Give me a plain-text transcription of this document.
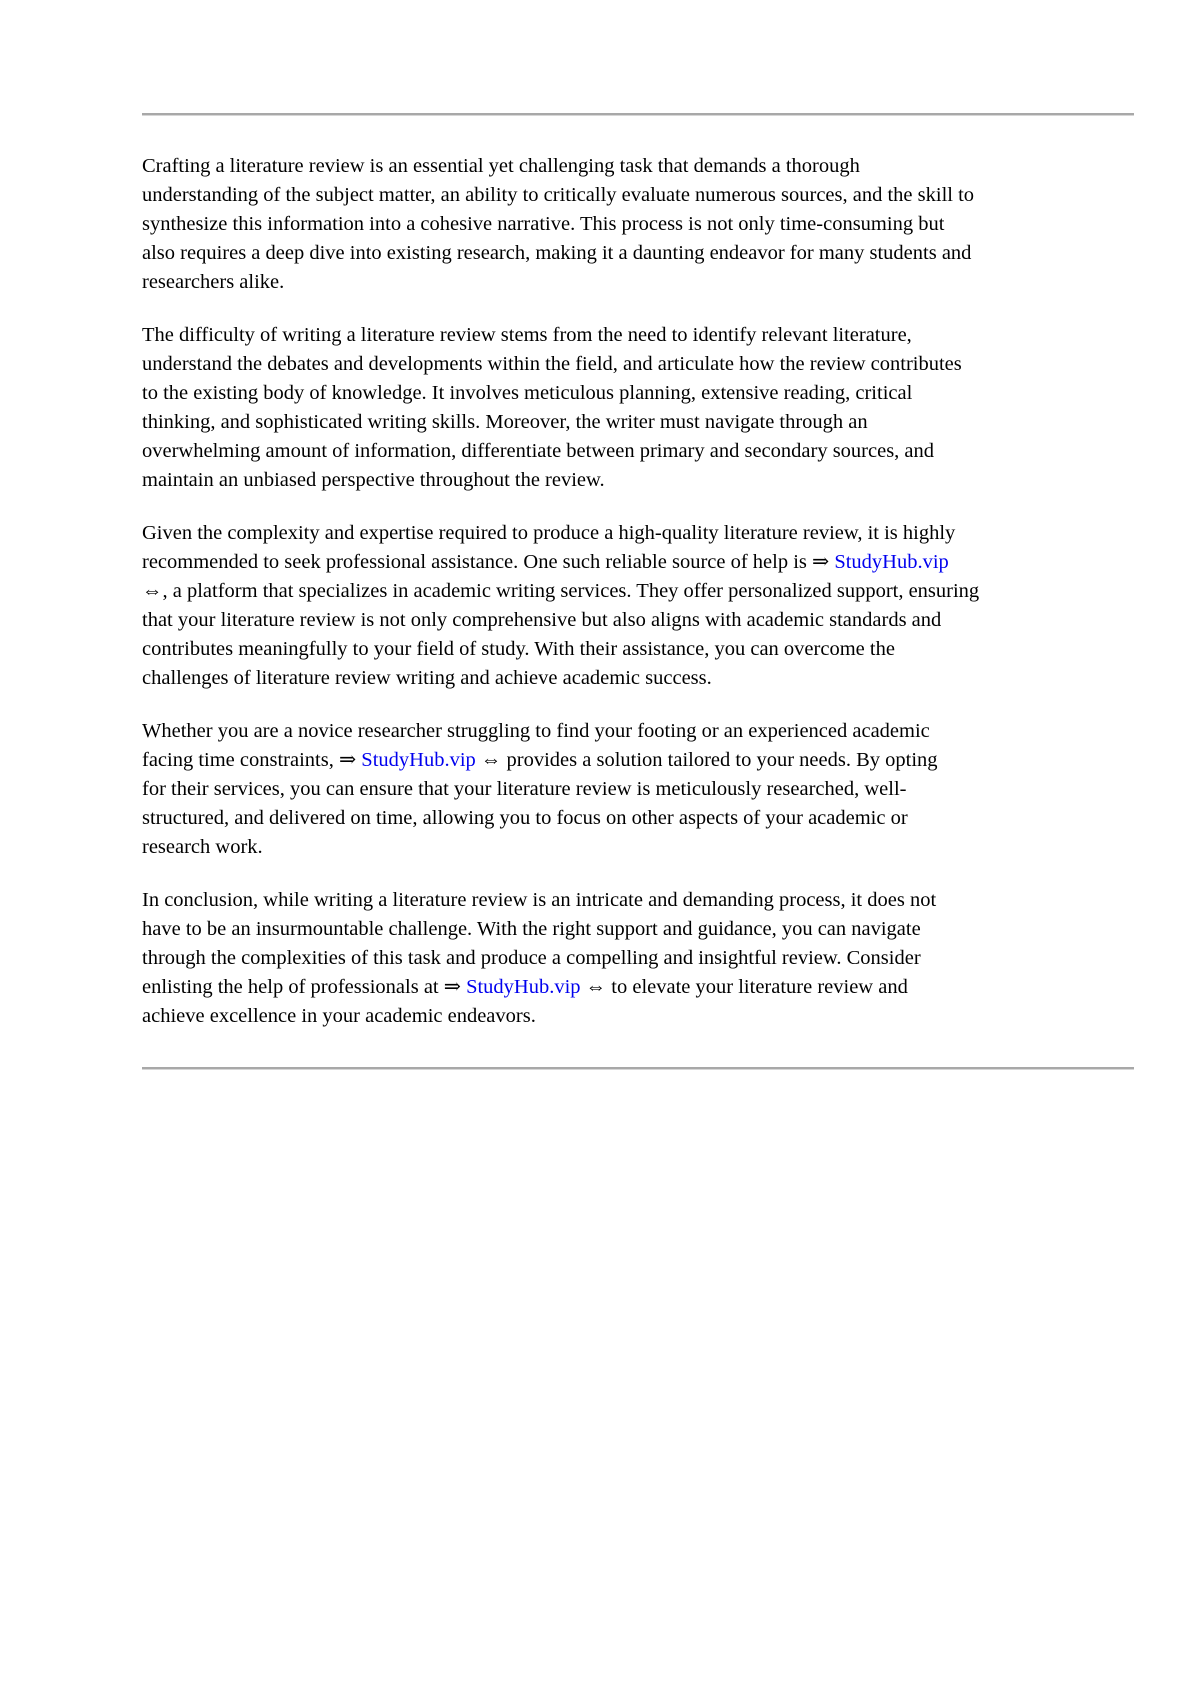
Crafting a literature review is an essential yet challenging task that demands a thorough
understanding of the subject matter, an ability to critically evaluate numerous sources, and the skill to
synthesize this information into a cohesive narrative. This process is not only time-consuming but
also requires a deep dive into existing research, making it a daunting endeavor for many students and
researchers alike.

The difficulty of writing a literature review stems from the need to identify relevant literature,
understand the debates and developments within the field, and articulate how the review contributes
to the existing body of knowledge. It involves meticulous planning, extensive reading, critical
thinking, and sophisticated writing skills. Moreover, the writer must navigate through an
overwhelming amount of information, differentiate between primary and secondary sources, and
maintain an unbiased perspective throughout the review.

Given the complexity and expertise required to produce a high-quality literature review, it is highly
recommended to seek professional assistance. One such reliable source of help is ⇒ StudyHub.vip
⇔, a platform that specializes in academic writing services. They offer personalized support, ensuring
that your literature review is not only comprehensive but also aligns with academic standards and
contributes meaningfully to your field of study. With their assistance, you can overcome the
challenges of literature review writing and achieve academic success.

Whether you are a novice researcher struggling to find your footing or an experienced academic
facing time constraints, ⇒ StudyHub.vip ⇔ provides a solution tailored to your needs. By opting
for their services, you can ensure that your literature review is meticulously researched, well-
structured, and delivered on time, allowing you to focus on other aspects of your academic or
research work.

In conclusion, while writing a literature review is an intricate and demanding process, it does not
have to be an insurmountable challenge. With the right support and guidance, you can navigate
through the complexities of this task and produce a compelling and insightful review. Consider
enlisting the help of professionals at ⇒ StudyHub.vip ⇔ to elevate your literature review and
achieve excellence in your academic endeavors.
